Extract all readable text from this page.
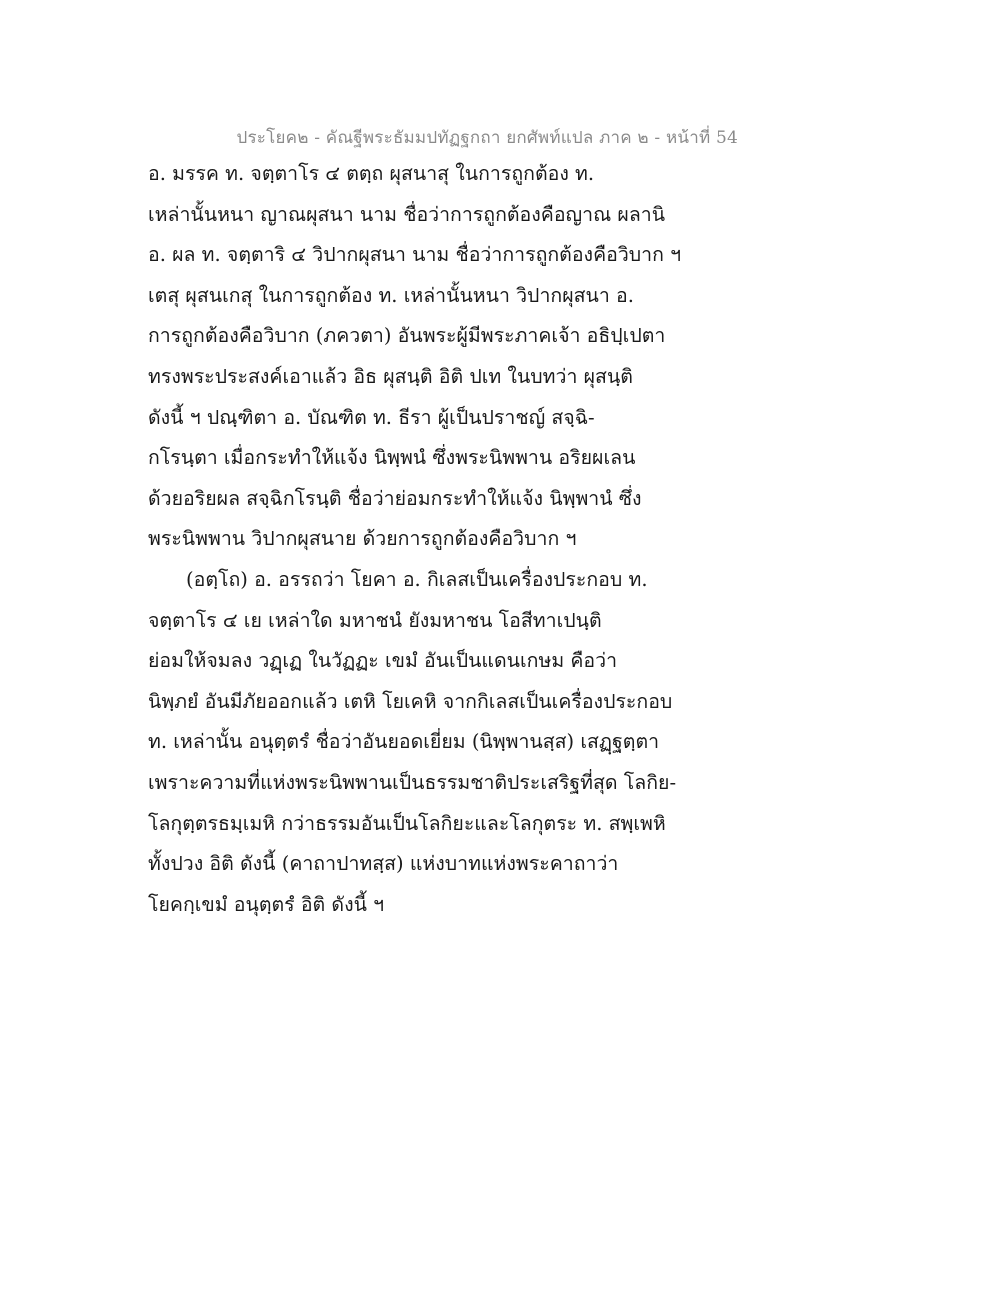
ประโยค๒ - คัณฐีพระธัมมปทัฏฐกถา ยกศัพท์แปล ภาค ๒ - หน้าที่ 54
อ. มรรค ท. จตฺตาโร ๔ ตตฺถ ผุสนาสุ ในการถูกต้อง ท.
เหล่านั้นหนา ญาณผุสนา นาม ชื่อว่าการถูกต้องคือญาณ ผลานิ
อ. ผล ท. จตฺตาริ ๔ วิปากผุสนา นาม ชื่อว่าการถูกต้องคือวิบาก ฯ
เตสุ ผุสนเกสุ ในการถูกต้อง ท. เหล่านั้นหนา วิปากผุสนา อ.
การถูกต้องคือวิบาก (ภควตา) อันพระผู้มีพระภาคเจ้า อธิปฺเปตา
ทรงพระประสงค์เอาแล้ว อิธ ผุสนฺติ อิติ ปเท ในบทว่า ผุสนฺติ
ดังนี้ ฯ ปณฺฑิตา อ. บัณฑิต ท. ธีรา ผู้เป็นปราชญ์ สจฺฉิ-
กโรนฺตา เมื่อกระทำให้แจ้ง นิพฺพนํ ซึ่งพระนิพพาน อริยผเลน
ด้วยอริยผล สจฺฉิกโรนฺติ ชื่อว่าย่อมกระทำให้แจ้ง นิพฺพานํ ซึ่ง
พระนิพพาน วิปากผุสนาย ด้วยการถูกต้องคือวิบาก ฯ
(อตฺโถ) อ. อรรถว่า โยคา อ. กิเลสเป็นเครื่องประกอบ ท.
จตฺตาโร ๔ เย เหล่าใด มหาชนํ ยังมหาชน โอสีทาเปนฺติ
ย่อมให้จมลง วฏฺเฏ ในวัฏฏะ เขมํ อันเป็นแดนเกษม คือว่า
นิพฺภยํ อันมีภัยออกแล้ว เตหิ โยเคหิ จากกิเลสเป็นเครื่องประกอบ
ท. เหล่านั้น อนุตฺตรํ ชื่อว่าอันยอดเยี่ยม (นิพฺพานสฺส) เสฏฺฐตฺตา
เพราะความที่แห่งพระนิพพานเป็นธรรมชาติประเสริฐที่สุด โลกิย-
โลกุตฺตรธมฺเมหิ กว่าธรรมอันเป็นโลกิยะและโลกุตระ ท. สพฺเพหิ
ทั้งปวง อิติ ดังนี้ (คาถาปาทสฺส) แห่งบาทแห่งพระคาถาว่า
โยคกฺเขมํ อนุตฺตรํ อิติ ดังนี้ ฯ
